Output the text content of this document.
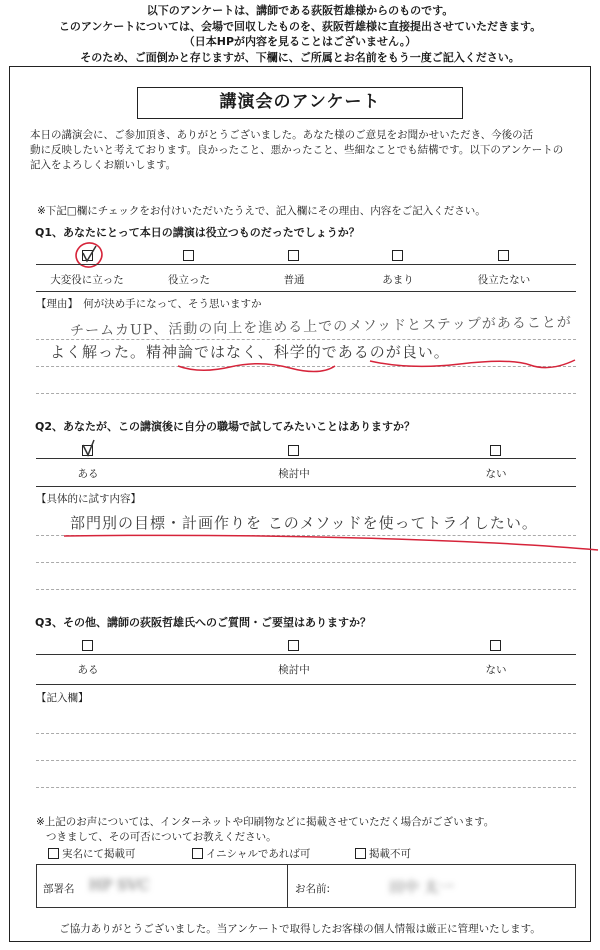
以下のアンケートは、講師である荻阪哲雄様からのものです。
このアンケートについては、会場で回収したものを、荻阪哲雄様に直接提出させていただきます。
（日本HPが内容を見ることはございません。）
そのため、ご面倒かと存じますが、下欄に、ご所属とお名前をもう一度ご記入ください。
講演会のアンケート
本日の講演会に、ご参加頂き、ありがとうございました。あなた様のご意見をお聞かせいただき、今後の活
動に反映したいと考えております。良かったこと、悪かったこと、些細なことでも結構です。以下のアンケートの
記入をよろしくお願いします。
※下記□欄にチェックをお付けいただいたうえで、記入欄にその理由、内容をご記入ください。
Q1、あなたにとって本日の講演は役立つものだったでしょうか？
大変役に立った	役立った	普通	あまり	役立たない
【理由】　何が決め手になって、そう思いますか
チームカUP、活動の向上を進める上でのメソッドとステップがあることが
よく解った。精神論ではなく、科学的であるのが良い。
Q2、あなたが、この講演後に自分の職場で試してみたいことはありますか？
ある	検討中	ない
【具体的に試す内容】
部門別の目標・計画作りを このメソッドを使ってトライしたい。
Q3、その他、講師の荻阪哲雄氏へのご質問・ご要望はありますか？
ある	検討中	ない
【記入欄】
※上記のお声については、インターネットや印刷物などに掲載させていただく場合がございます。
つきまして、その可否についてお教えください。
実名にて掲載可	イニシャルであれば可	掲載不可
部署名 HP SVC	お名前:	田中 太一
ご協力ありがとうございました。当アンケートで取得したお客様の個人情報は厳正に管理いたします。
